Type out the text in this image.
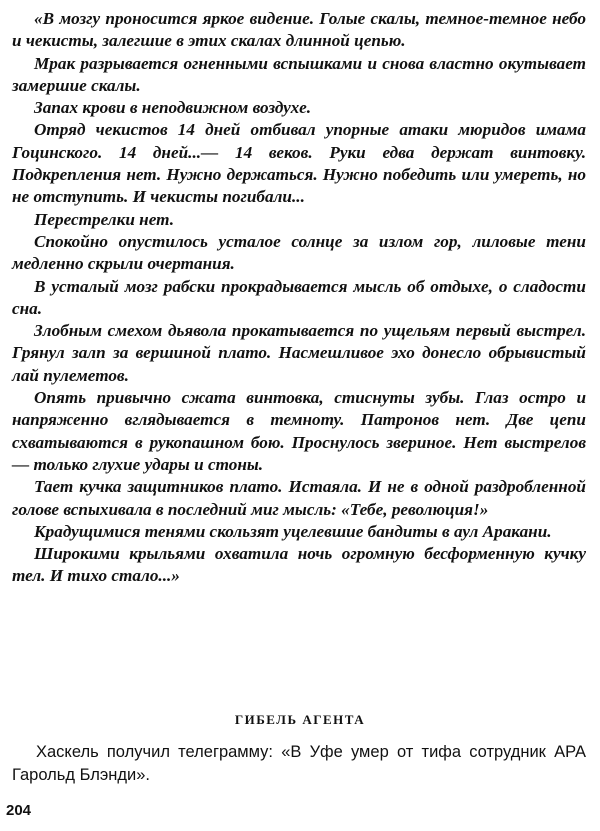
«В мозгу проносится яркое видение. Голые скалы, темное-темное небо и чекисты, залегшие в этих скалах длинной цепью.

Мрак разрывается огненными вспышками и снова властно окутывает замершие скалы.

Запах крови в неподвижном воздухе.

Отряд чекистов 14 дней отбивал упорные атаки мюридов имама Гоцинского. 14 дней...— 14 веков. Руки едва держат винтовку. Подкрепления нет. Нужно держаться. Нужно победить или умереть, но не отступить. И чекисты погибали...

Перестрелки нет.

Спокойно опустилось усталое солнце за излом гор, лиловые тени медленно скрыли очертания.

В усталый мозг рабски прокрадывается мысль об отдыхе, о сладости сна.

Злобным смехом дьявола прокатывается по ущельям первый выстрел. Грянул залп за вершиной плато. Насмешливое эхо донесло обрывистый лай пулеметов.

Опять привычно сжата винтовка, стиснуты зубы. Глаз остро и напряженно вглядывается в темноту. Патронов нет. Две цепи схватываются в рукопашном бою. Проснулось звериное. Нет выстрелов — только глухие удары и стоны.

Тает кучка защитников плато. Истаяла. И не в одной раздробленной голове вспыхивала в последний миг мысль: «Тебе, революция!»

Крадущимися тенями скользят уцелевшие бандиты в аул Аракани.

Широкими крыльями охватила ночь огромную бесформенную кучку тел. И тихо стало...»

ГИБЕЛЬ АГЕНТА

Хаскель получил телеграмму: «В Уфе умер от тифа сотрудник АРА Гарольд Блэнди».

204
